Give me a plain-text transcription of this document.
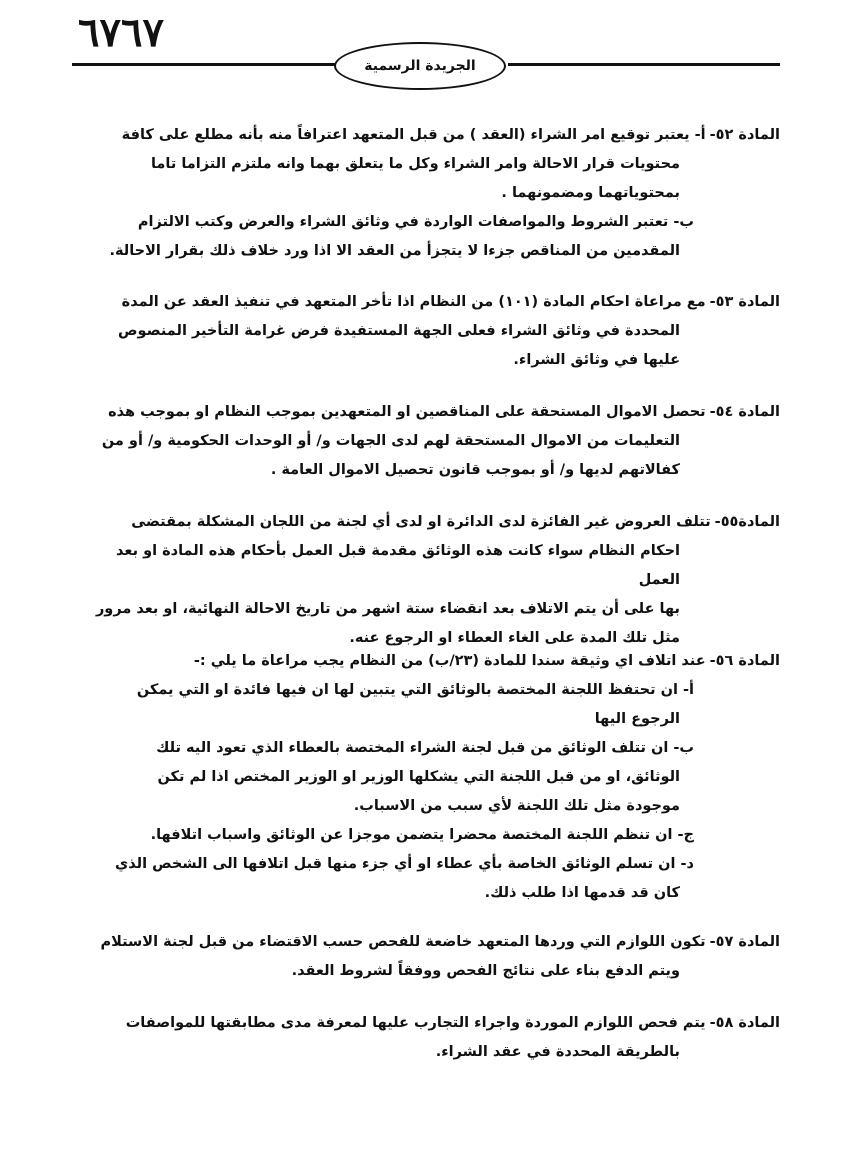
٦٧٦٧
الجريدة الرسمية

المادة ٥٢-أ- يعتبر توقيع امر الشراء (العقد ) من قبل المتعهد اعترافاً منه بأنه مطلع على كافة

محتويات قرار الاحالة وامر الشراء وكل ما يتعلق بهما وانه ملتزم التزاما تاما

بمحتوياتهما ومضمونهما .

ب- تعتبر الشروط والمواصفات الواردة في وثائق الشراء والعرض وكتب الالتزام

المقدمين من المناقص جزءا لا يتجزأ من العقد الا اذا ورد خلاف ذلك بقرار الاحالة.

المادة ٥٣-مع مراعاة احكام المادة (١٠١) من النظام اذا تأخر المتعهد في تنفيذ العقد عن المدة

المحددة في وثائق الشراء فعلى الجهة المستفيدة فرض غرامة التأخير المنصوص

عليها في وثائق الشراء.

المادة ٥٤-تحصل الاموال المستحقة على المناقصين او المتعهدين بموجب النظام او بموجب هذه

التعليمات من الاموال المستحقة لهم لدى الجهات و/ أو الوحدات الحكومية و/ أو من

كفالاتهم لديها و/ أو بموجب قانون تحصيل الاموال العامة .

المادة٥٥-تتلف العروض غير الفائزة لدى الدائرة او لدى أي لجنة من اللجان المشكلة بمقتضى

احكام النظام سواء كانت هذه الوثائق مقدمة قبل العمل بأحكام هذه المادة او بعد العمل

بها على أن يتم الاتلاف بعد انقضاء ستة اشهر من تاريخ الاحالة النهائية، او بعد مرور

مثل تلك المدة على الغاء العطاء او الرجوع عنه.

المادة ٥٦-عند اتلاف اي وثيقة سندا للمادة (٢٣/ب) من النظام يجب مراعاة ما يلي :-

أ- ان تحتفظ اللجنة المختصة بالوثائق التي يتبين لها ان فيها فائدة او التي يمكن

الرجوع اليها

ب- ان تتلف الوثائق من قبل لجنة الشراء المختصة بالعطاء الذي تعود اليه تلك

الوثائق، او من قبل اللجنة التي يشكلها الوزير او الوزير المختص اذا لم تكن

موجودة مثل تلك اللجنة لأي سبب من الاسباب.

ج- ان تنظم اللجنة المختصة محضرا يتضمن موجزا عن الوثائق واسباب اتلافها.

د- ان تسلم الوثائق الخاصة بأي عطاء او أي جزء منها قبل اتلافها الى الشخص الذي

كان قد قدمها اذا طلب ذلك.

المادة ٥٧-تكون اللوازم التي وردها المتعهد خاضعة للفحص حسب الاقتضاء من قبل لجنة الاستلام

ويتم الدفع بناء على نتائج الفحص ووفقاً لشروط العقد.

المادة ٥٨-يتم فحص اللوازم الموردة واجراء التجارب عليها لمعرفة مدى مطابقتها للمواصفات

بالطريقة المحددة في عقد الشراء.
